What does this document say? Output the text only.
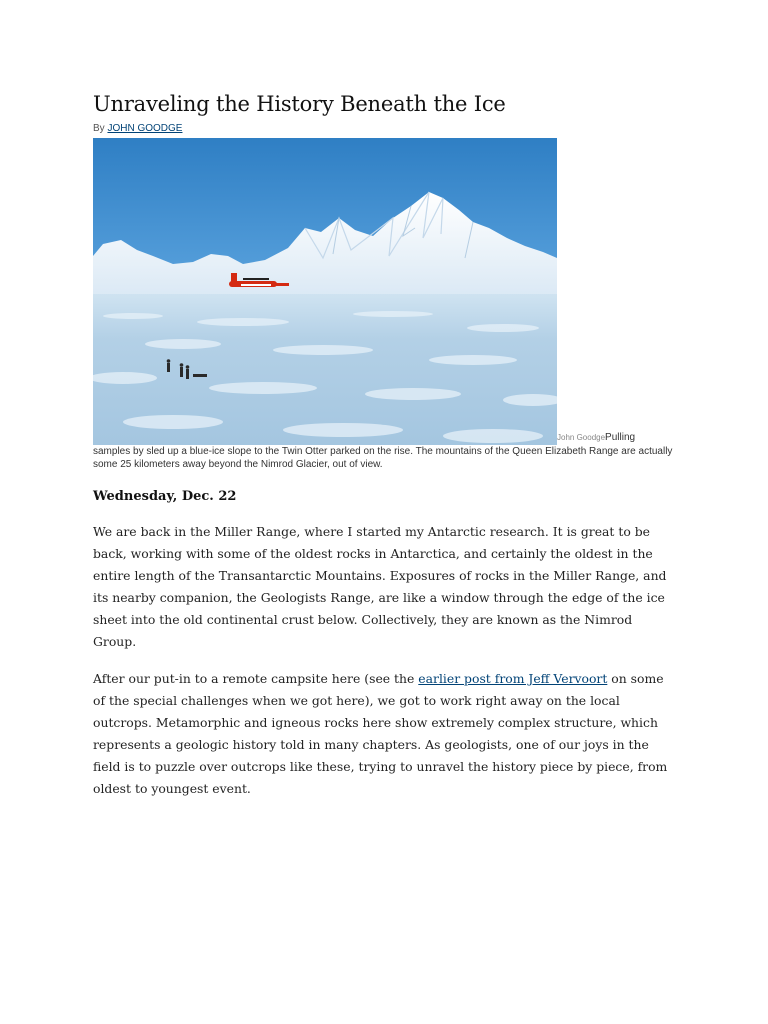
Unraveling the History Beneath the Ice
By JOHN GOODGE
John GoodgePulling
samples by sled up a blue-ice slope to the Twin Otter parked on the rise. The mountains of the Queen Elizabeth Range are actually some 25 kilometers away beyond the Nimrod Glacier, out of view.
Wednesday, Dec. 22

We are back in the Miller Range, where I started my Antarctic research. It is great to be back, working with some of the oldest rocks in Antarctica, and certainly the oldest in the entire length of the Transantarctic Mountains. Exposures of rocks in the Miller Range, and its nearby companion, the Geologists Range, are like a window through the edge of the ice sheet into the old continental crust below. Collectively, they are known as the Nimrod Group.

After our put-in to a remote campsite here (see the earlier post from Jeff Vervoort on some of the special challenges when we got here), we got to work right away on the local outcrops. Metamorphic and igneous rocks here show extremely complex structure, which represents a geologic history told in many chapters. As geologists, one of our joys in the field is to puzzle over outcrops like these, trying to unravel the history piece by piece, from oldest to youngest event.
